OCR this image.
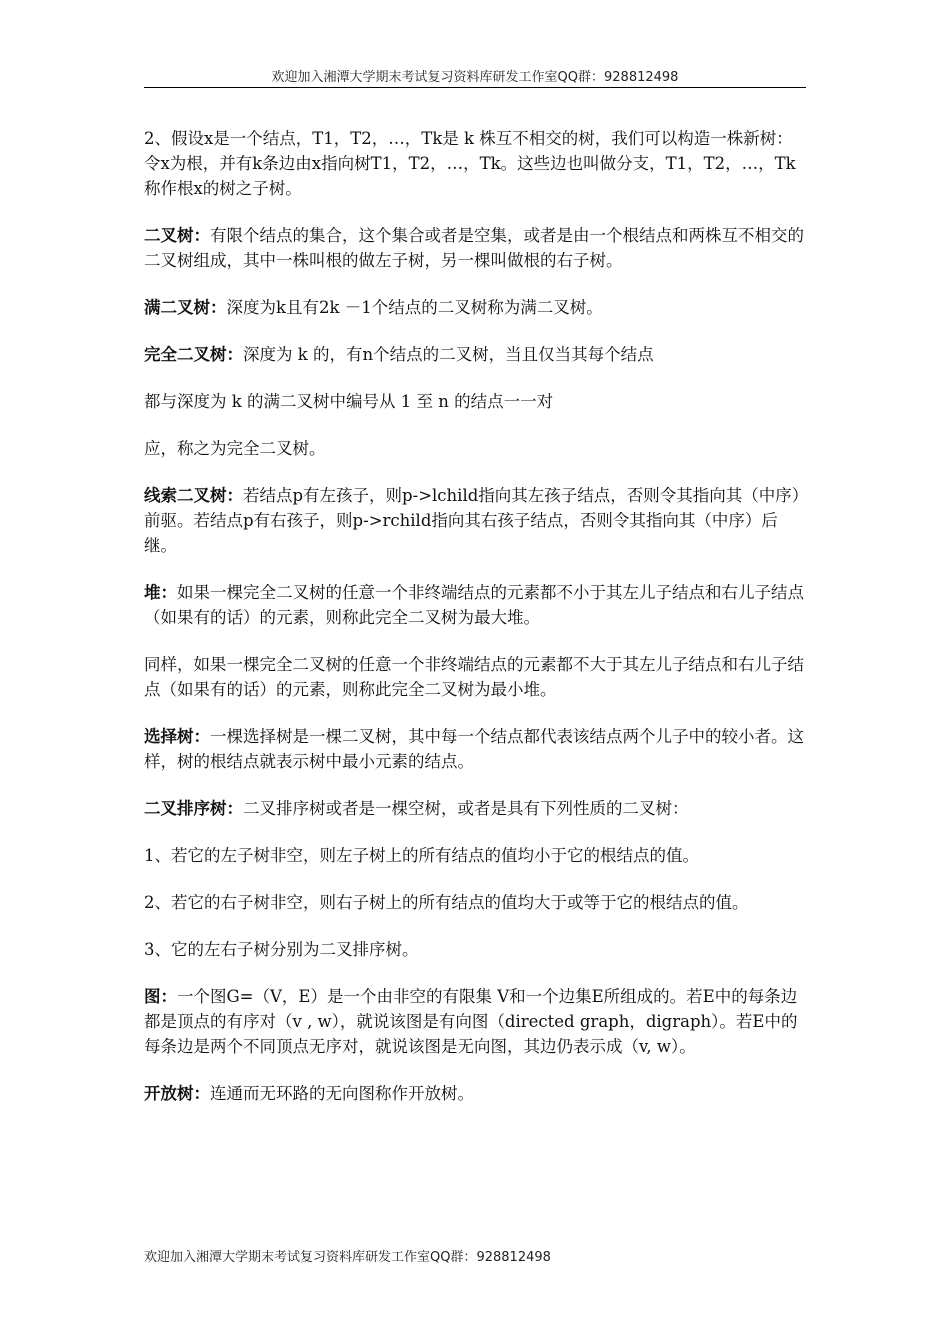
欢迎加入湘潭大学期末考试复习资料库研发工作室QQ群：928812498

2、假设x是一个结点，T1，T2，…，Tk是 k 株互不相交的树，我们可以构造一株新树：令x为根，并有k条边由x指向树T1，T2，…，Tk。这些边也叫做分支，T1，T2，…，Tk称作根x的树之子树。

二叉树：有限个结点的集合，这个集合或者是空集，或者是由一个根结点和两株互不相交的二叉树组成，其中一株叫根的做左子树，另一棵叫做根的右子树。

满二叉树：深度为k且有2k －1个结点的二叉树称为满二叉树。

完全二叉树：深度为 k 的，有n个结点的二叉树，当且仅当其每个结点

都与深度为 k 的满二叉树中编号从 1 至 n 的结点一一对

应，称之为完全二叉树。

线索二叉树：若结点p有左孩子，则p->lchild指向其左孩子结点，否则令其指向其（中序）前驱。若结点p有右孩子，则p->rchild指向其右孩子结点，否则令其指向其（中序）后继。

堆：如果一棵完全二叉树的任意一个非终端结点的元素都不小于其左儿子结点和右儿子结点（如果有的话）的元素，则称此完全二叉树为最大堆。

同样，如果一棵完全二叉树的任意一个非终端结点的元素都不大于其左儿子结点和右儿子结点（如果有的话）的元素，则称此完全二叉树为最小堆。

选择树：一棵选择树是一棵二叉树，其中每一个结点都代表该结点两个儿子中的较小者。这样，树的根结点就表示树中最小元素的结点。

二叉排序树：二叉排序树或者是一棵空树，或者是具有下列性质的二叉树：

1、若它的左子树非空，则左子树上的所有结点的值均小于它的根结点的值。

2、若它的右子树非空，则右子树上的所有结点的值均大于或等于它的根结点的值。

3、它的左右子树分别为二叉排序树。

图：一个图G=（V，E）是一个由非空的有限集 V和一个边集E所组成的。若E中的每条边都是顶点的有序对（v , w），就说该图是有向图（directed graph，digraph）。若E中的每条边是两个不同顶点无序对，就说该图是无向图，其边仍表示成（v, w）。

开放树：连通而无环路的无向图称作开放树。

欢迎加入湘潭大学期末考试复习资料库研发工作室QQ群：928812498
